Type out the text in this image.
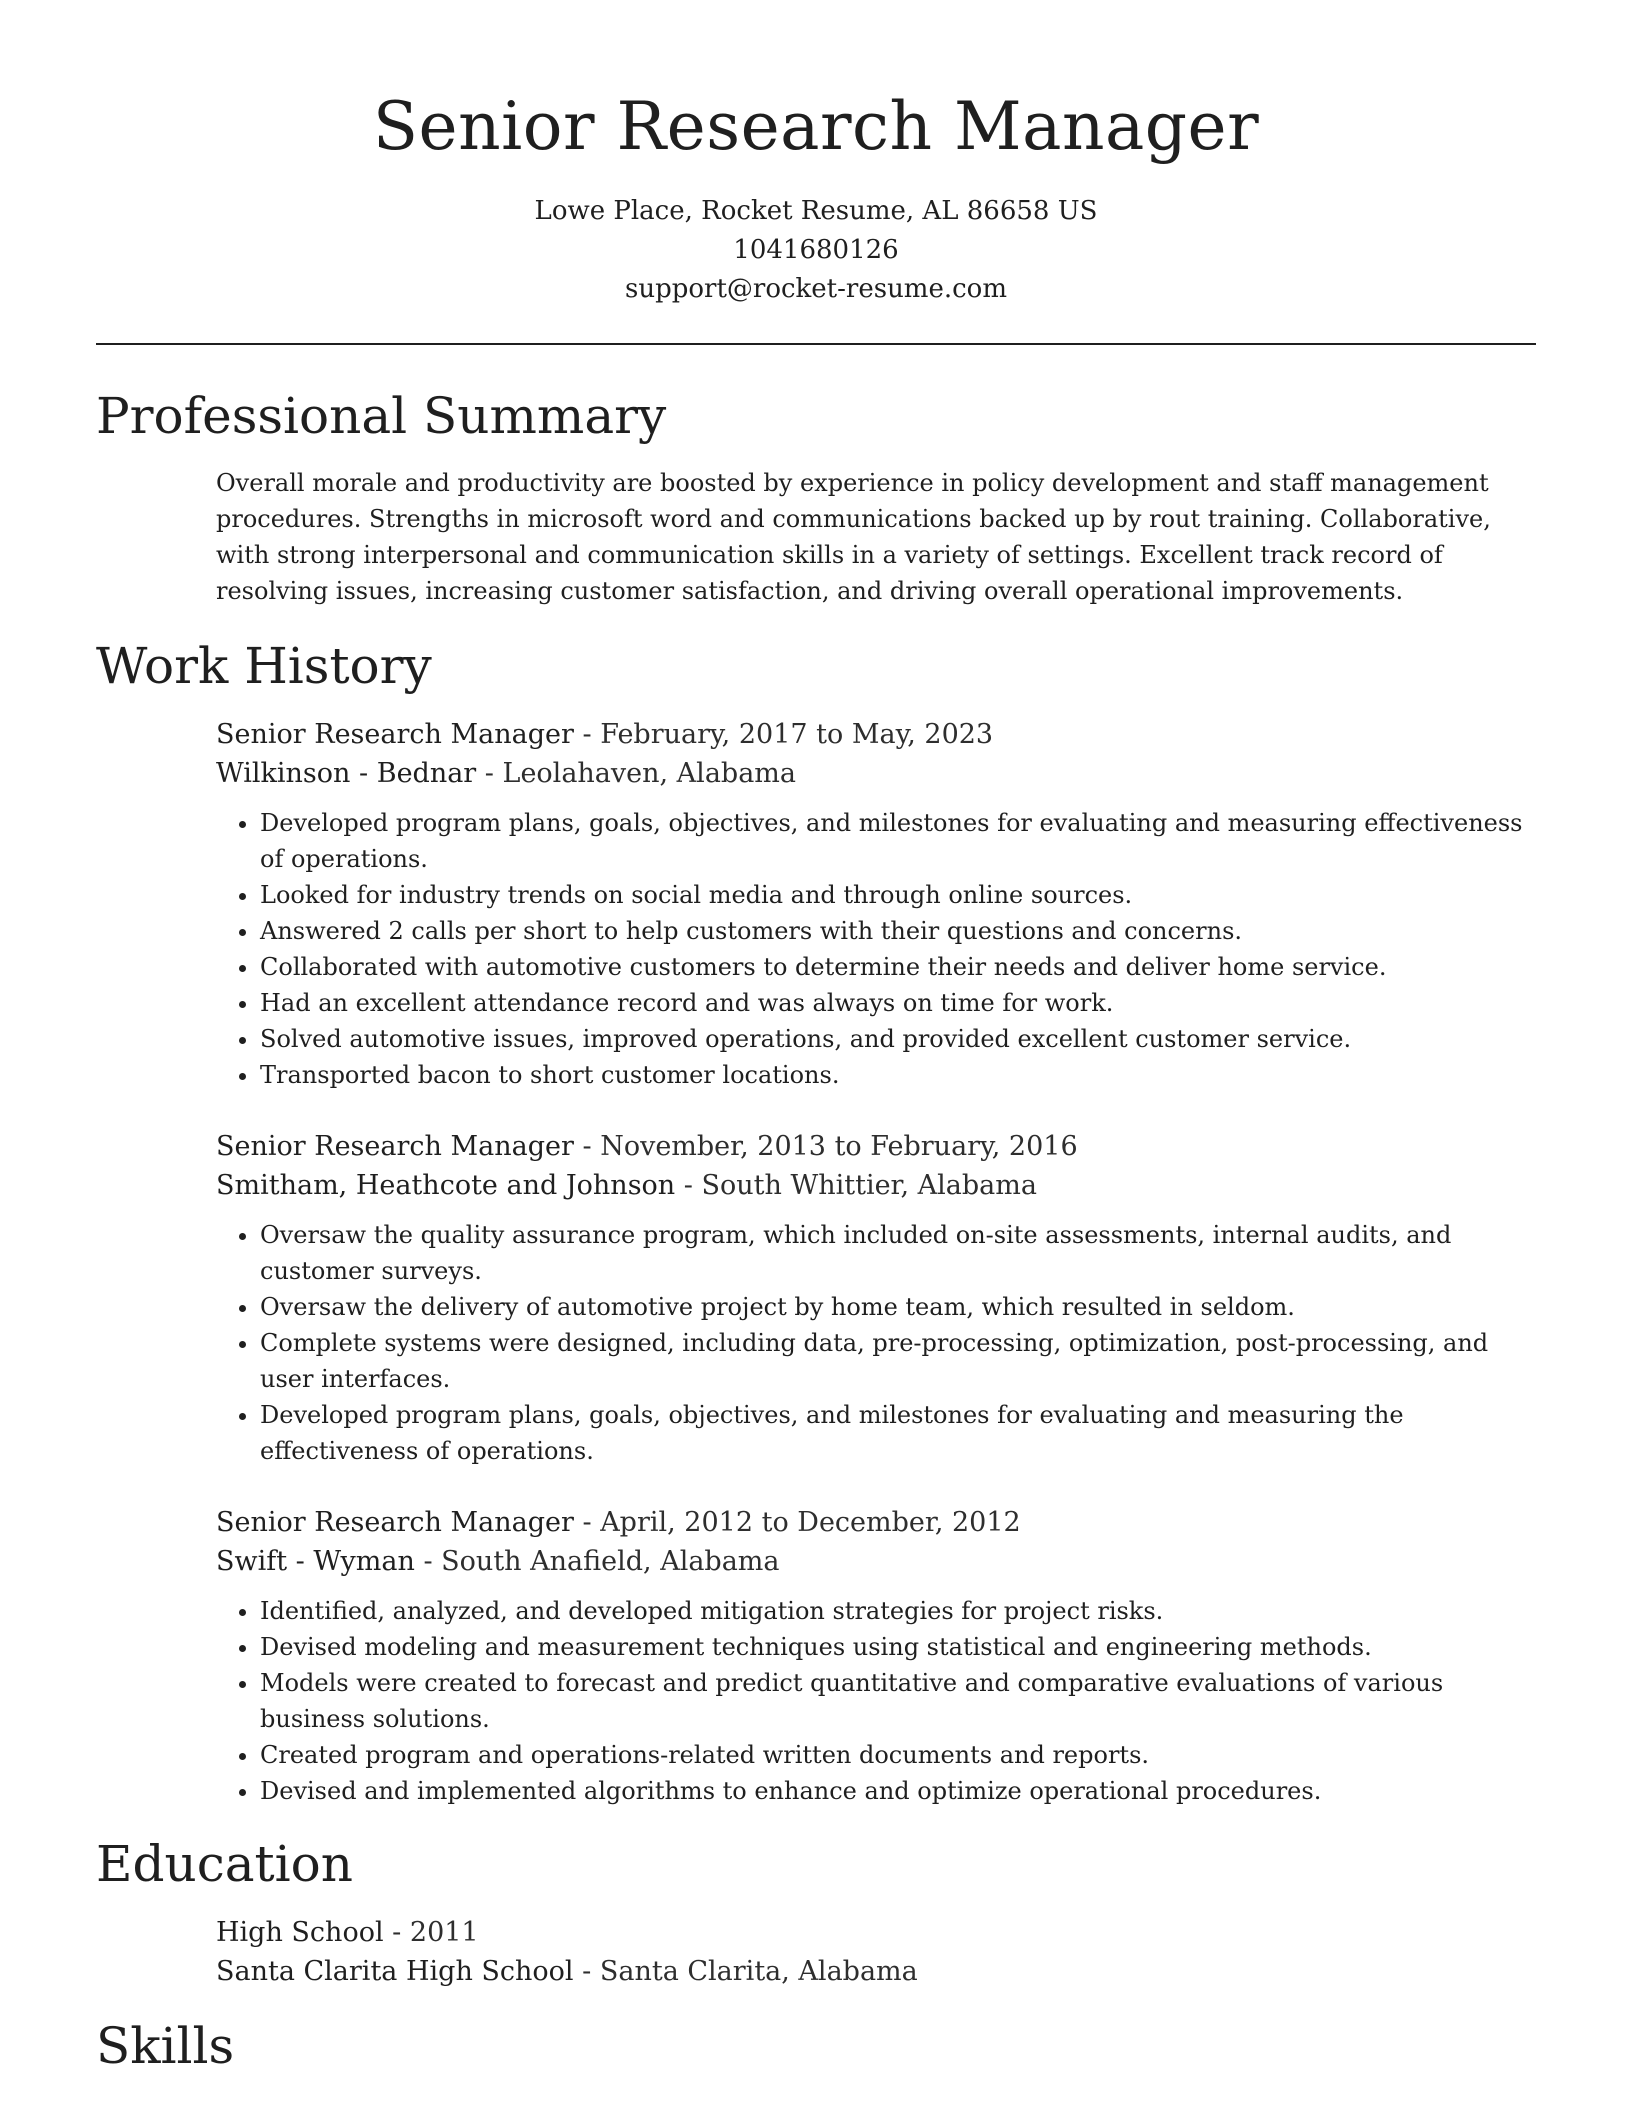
Senior Research Manager
Lowe Place, Rocket Resume, AL 86658 US
1041680126
support@rocket-resume.com
Professional Summary
Overall morale and productivity are boosted by experience in policy development and staff management procedures. Strengths in microsoft word and communications backed up by rout training. Collaborative, with strong interpersonal and communication skills in a variety of settings. Excellent track record of resolving issues, increasing customer satisfaction, and driving overall operational improvements.
Work History
Senior Research Manager - February, 2017 to May, 2023
Wilkinson - Bednar - Leolahaven, Alabama
• Developed program plans, goals, objectives, and milestones for evaluating and measuring effectiveness of operations.
• Looked for industry trends on social media and through online sources.
• Answered 2 calls per short to help customers with their questions and concerns.
• Collaborated with automotive customers to determine their needs and deliver home service.
• Had an excellent attendance record and was always on time for work.
• Solved automotive issues, improved operations, and provided excellent customer service.
• Transported bacon to short customer locations.
Senior Research Manager - November, 2013 to February, 2016
Smitham, Heathcote and Johnson - South Whittier, Alabama
• Oversaw the quality assurance program, which included on-site assessments, internal audits, and customer surveys.
• Oversaw the delivery of automotive project by home team, which resulted in seldom.
• Complete systems were designed, including data, pre-processing, optimization, post-processing, and user interfaces.
• Developed program plans, goals, objectives, and milestones for evaluating and measuring the effectiveness of operations.
Senior Research Manager - April, 2012 to December, 2012
Swift - Wyman - South Anafield, Alabama
• Identified, analyzed, and developed mitigation strategies for project risks.
• Devised modeling and measurement techniques using statistical and engineering methods.
• Models were created to forecast and predict quantitative and comparative evaluations of various business solutions.
• Created program and operations-related written documents and reports.
• Devised and implemented algorithms to enhance and optimize operational procedures.
Education
High School - 2011
Santa Clarita High School - Santa Clarita, Alabama
Skills
